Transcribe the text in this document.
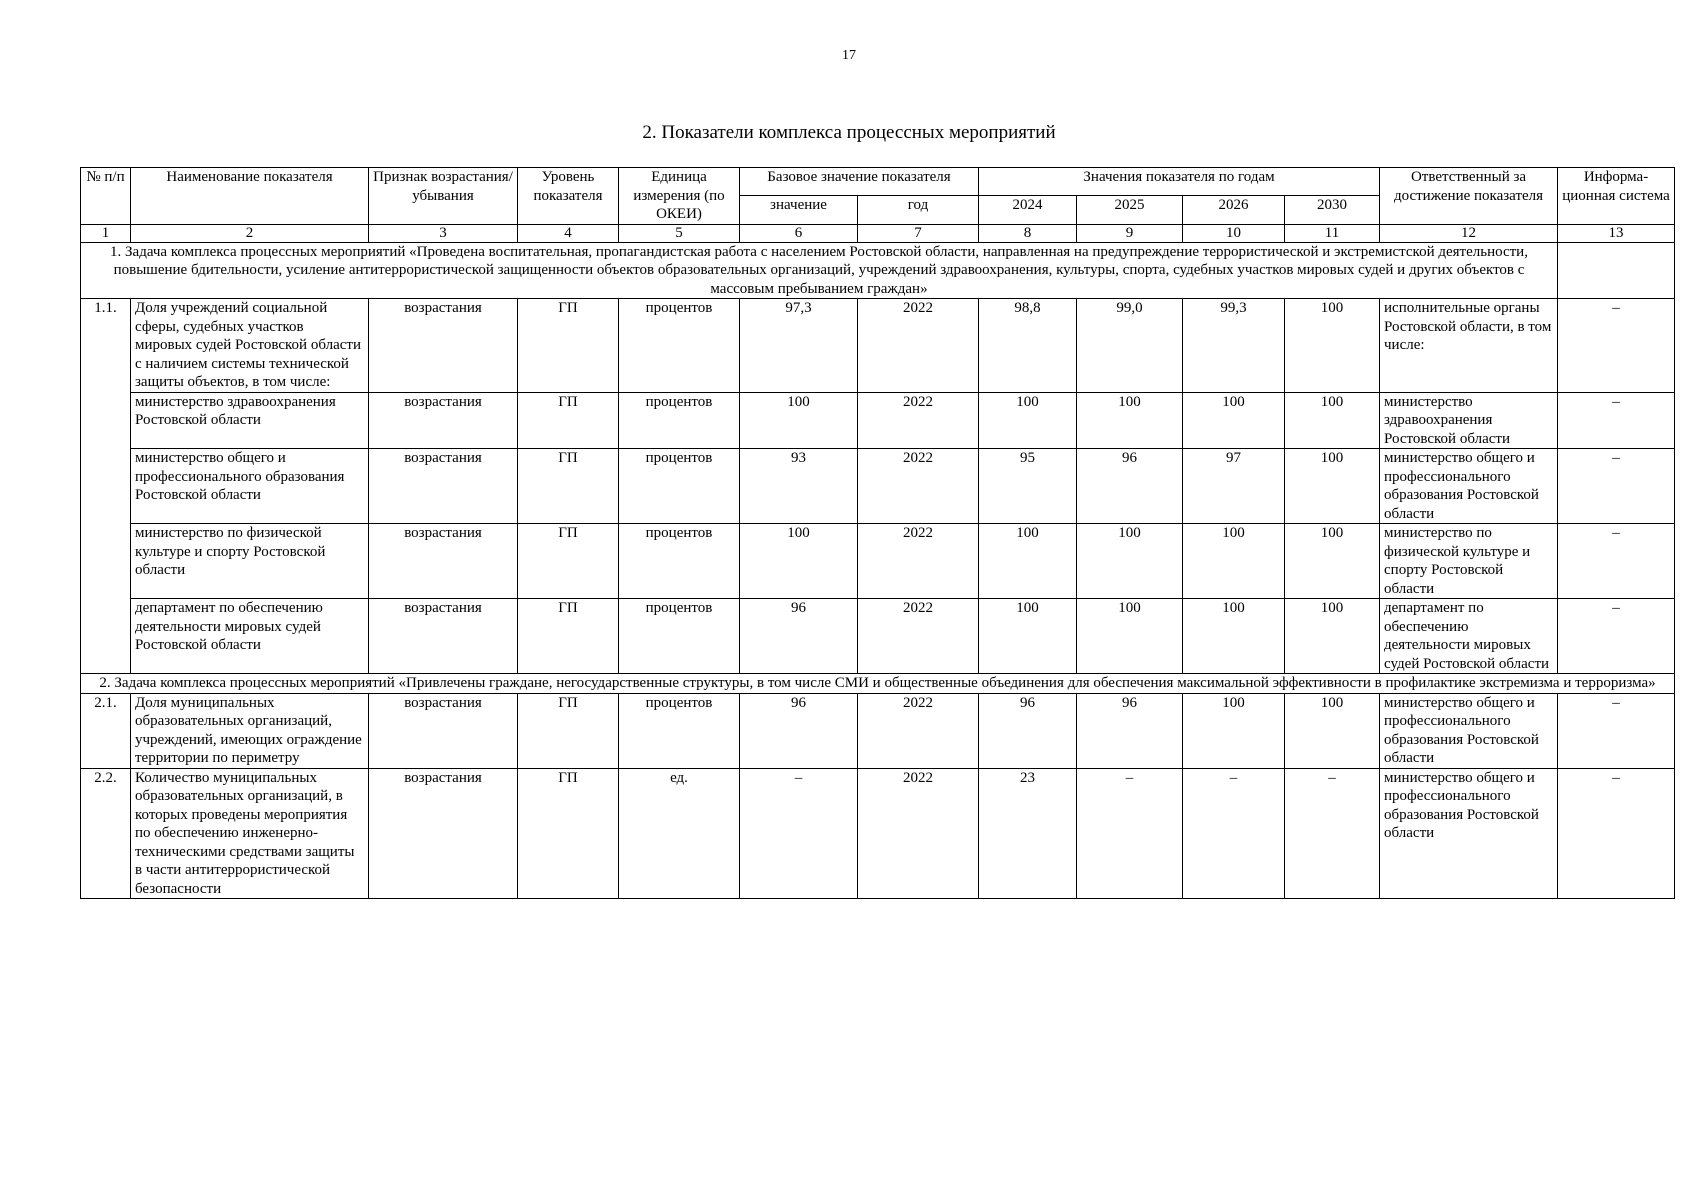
17
2. Показатели комплекса процессных мероприятий
№ п/п	Наименование показателя	Признак возрастания/ убывания	Уровень показателя	Единица измерения (по ОКЕИ)	Базовое значение показателя		Значения показателя по годам				Ответственный за достижение показателя	Информа-ционная система
					значение	год	2024	2025	2026	2030		
1	2	3	4	5	6	7	8	9	10	11	12	13
1. Задача комплекса процессных мероприятий «Проведена воспитательная, пропагандистская работа с населением Ростовской области, направленная на предупреждение террористической и экстремистской деятельности, повышение бдительности, усиление антитеррористической защищенности объектов образовательных организаций, учреждений здравоохранения, культуры, спорта, судебных участков мировых судей и других объектов с массовым пребыванием граждан»												
1.1.	Доля учреждений социальной сферы, судебных участков мировых судей Ростовской области с наличием системы технической защиты объектов, в том числе:	возрастания	ГП	процентов	97,3	2022	98,8	99,0	99,3	100	исполнительные органы Ростовской области, в том числе:	–
	министерство здравоохранения Ростовской области	возрастания	ГП	процентов	100	2022	100	100	100	100	министерство здравоохранения Ростовской области	–
	министерство общего и профессионального образования Ростовской области	возрастания	ГП	процентов	93	2022	95	96	97	100	министерство общего и профессионального образования Ростовской области	–
	министерство по физической культуре и спорту Ростовской области	возрастания	ГП	процентов	100	2022	100	100	100	100	министерство по физической культуре и спорту Ростовской области	–
	департамент по обеспечению деятельности мировых судей Ростовской области	возрастания	ГП	процентов	96	2022	100	100	100	100	департамент по обеспечению деятельности мировых судей Ростовской области	–
2. Задача комплекса процессных мероприятий «Привлечены граждане, негосударственные структуры, в том числе СМИ и общественные объединения для обеспечения максимальной эффективности в профилактике экстремизма и терроризма»												
2.1.	Доля муниципальных образовательных организаций, учреждений, имеющих ограждение территории по периметру	возрастания	ГП	процентов	96	2022	96	96	100	100	министерство общего и профессионального образования Ростовской области	–
2.2.	Количество муниципальных образовательных организаций, в которых проведены мероприятия по обеспечению инженерно-техническими средствами защиты в части антитеррористической безопасности	возрастания	ГП	ед.	–	2022	23	–	–	–	министерство общего и профессионального образования Ростовской области	–
